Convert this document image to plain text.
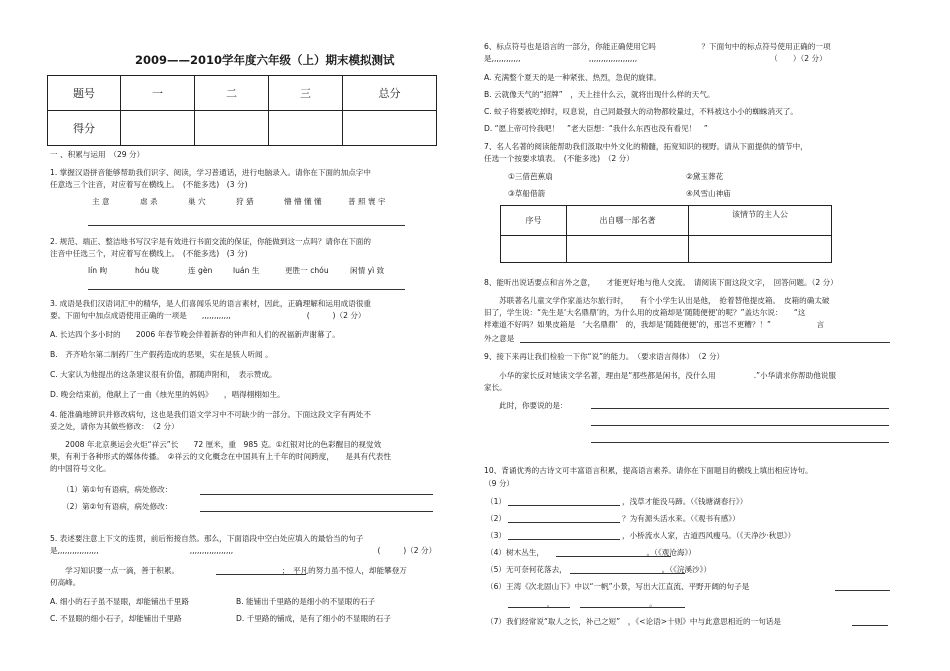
2009——2010学年度六年级（上）期末模拟测试
题号	一	二	三	总分
得分				
一 、积累与运用　（29 分）
1. 掌握汉语拼音能够帮助我们识字、阅读，学习普通话，进行电脑录入。请你在下面的加点字中
任意选三个注音，对应着写在横线上。　(不能多选)　(3 分)
主 意	虐 杀	巢 穴	狩 猎	懵 懵 懂 懂	普 照 寰 宇
2. 规范、端正、整洁地书写汉字是有效进行书面交流的保证，你能做到这一点吗？请你在下面的
注音中任选三个，对应着写在横线上。　(不能多选)　(3 分)
lín 昫	hóu 咙	连 gèn	luán 生	更胜一 chóu	闲情 yì 致
3. 成语是我们汉语词汇中的精华，是人们喜闻乐见的语言素材，因此，正确理解和运用成语很重
要。下面句中加点成语使用正确的一项是　　,,,,,,,,,,,,　　　　　　　　　　(　　　)（2 分）
A. 长达四个多小时的　　2006 年春节晚会伴着新春的钟声和人们的祝福新声谢幕了。
B.　齐齐哈尔第二制药厂生产假药造成的恶果，实在是骇人听闻 。
C. 大家认为他提出的这条建议很有价值，都随声附和，　表示赞成。
D. 晚会结束前，他献上了一曲《烛光里的妈妈》　　，唱得栩栩如生。
4. 能准确地辨识并修改病句，这也是我们语文学习中不可缺少的一部分。下面这段文字有两处不
妥之处，请你为其做些修改：　（2 分）
　　2008 年北京奥运会火炬“祥云”长　　72 厘米，重　985 克。①红银对比的色彩醒目的视觉效
果，有利于各种形式的媒体传播。　②祥云的文化概念在中国具有上千年的时间跨度，　　是具有代表性
的中国符号文化。
（1）第①句有语病，病处修改：
（2）第②句有语病，病处修改：
5. 表述要注意上下文的连贯，前后衔接自然。那么，下面语段中空白处应填入的最恰当的句子
是,,,,,,,,,,,,,,,,,　　　　　　　　　　　　,,,,,,,,,,,,,,,,,,　　　　　　　　　　　　　　　　　　　(　　　)（2 分）
　　学习知识要一点一滴，善于积累。　　　　　　　　　　　　　　；　平凡的努力虽不惊人，却能攀登万
仞高峰。
A. 细小的石子虽不显眼，却能铺出千里路	B. 能铺出千里路的是细小的不显眼的石子
C. 不显眼的细小石子，却能铺出千里路	D. 千里路的铺成，是有了细小的不显眼的石子
6、标点符号也是语言的一部分，你能正确使用它吗　　　　　　？下面句中的标点符号使用正确的一项
是,,,,,,,,,,,,　　　　　　　　　,,,,,,,,,,,,,,,,,,,,　　　　　　　　　　　　　　　　　　（　　）（2 分）
A. 充满整个夏天的是一种紧张、热烈，急促的旋律。
B. 云就像天气的“招牌”　，天上挂什么云，就将出现什么样的天气。
C. 蚊子将要被吃掉时，叹息说，自己同最强大的动物都较量过，不料被这小小的蜘蛛消灭了。
D. “愿上帝可怜我吧！　”老大臣想：“我什么东西也没有看见！　”
7、名人名著的阅读能帮助我们汲取中外文化的精髓，拓宽知识的视野。请从下面提供的情节中，
任选一个按要求填表。　(不能多选)　（2 分）
①三借芭蕉扇	②黛玉葬花
③草船借箭	④风雪山神庙
序号	出自哪一部名著	该情节的主人公

8、能听出说话要点和言外之意，　　才能更好地与他人交流。　请阅读下面这段文字，　回答问题。（2 分）
　　苏联著名儿童文学作家盖达尔旅行时，　　有个小学生认出是他，　抢着替他提皮箱。　皮箱的确太破
旧了，学生说：“先生是‘大名鼎鼎’的，为什么用的皮箱却是‘随随便便’的呢？”盖达尔说：　　“这
样难道不好吗？如果皮箱是　‘大名鼎鼎’　的，我却是‘随随便便’的，那岂不更糟？！”　　　　　　言
外之意是
9、接下来再让我们检验一下你“说”的能力。　（要求语言得体）　（2 分）
　　小华的家长反对她读文学名著，理由是“那些都是闲书，没什么用　　　　　.”小华请求你帮助他说服
家长。
　　此时，你要说的是：
10、背诵优秀的古诗文可丰富语言积累，提高语言素养。请你在下面题目的横线上填出相应诗句。
（9 分）
（1）	，浅草才能没马蹄。（《钱塘湖春行》）
（2）	？为有源头活水来。（《观书有感》）
（3）	，小桥流水人家，古道西风瘦马。（《天净沙·秋思》）
（4）树木丛生，　　　　　　　　　　　　　　。（《观沧海》）
（5）无可奈何花落去，　　　　　　　　　　　　　。（《浣溪沙》）
（6）王湾《次北固山下》中以“一帆”小景，写出大江直流、平野开阔的句子是
　　　　　　　　，　　　　　　　　　　　　　。
（7）我们经常说“取人之长，补己之短”　，《<论语>十则》中与此意思相近的一句话是
